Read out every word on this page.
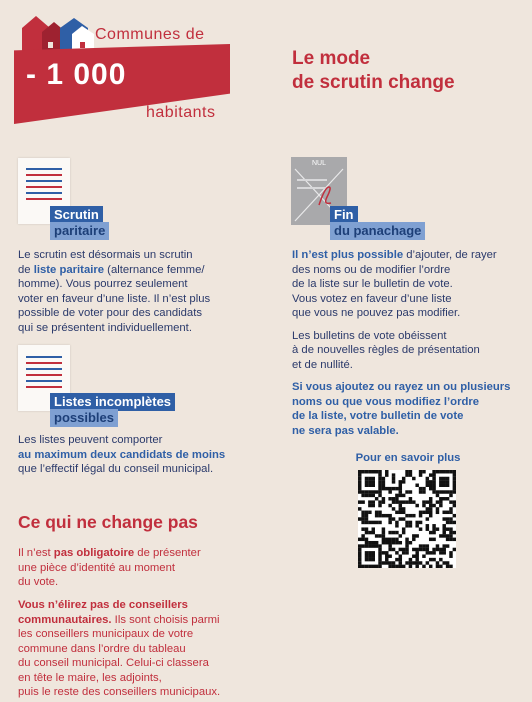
Communes de
- 1 000
habitants
Le mode
de scrutin change
Scrutin
paritaire
Le scrutin est désormais un scrutin
de liste paritaire (alternance femme/
homme). Vous pourrez seulement
voter en faveur d’une liste. Il n’est plus
possible de voter pour des candidats
qui se présentent individuellement.
Listes incomplètes
possibles
Les listes peuvent comporter
au maximum deux candidats de moins
que l’effectif légal du conseil municipal.
NUL
Fin
du panachage
Il n’est plus possible d’ajouter, de rayer
des noms ou de modifier l’ordre
de la liste sur le bulletin de vote.
Vous votez en faveur d’une liste
que vous ne pouvez pas modifier.
Les bulletins de vote obéissent
à de nouvelles règles de présentation
et de nullité.
Si vous ajoutez ou rayez un ou plusieurs
noms ou que vous modifiez l’ordre
de la liste, votre bulletin de vote
ne sera pas valable.
Pour en savoir plus
Ce qui ne change pas
Il n’est pas obligatoire de présenter
une pièce d’identité au moment
du vote.
Vous n’élirez pas de conseillers
communautaires. Ils sont choisis parmi
les conseillers municipaux de votre
commune dans l’ordre du tableau
du conseil municipal. Celui-ci classera
en tête le maire, les adjoints,
puis le reste des conseillers municipaux.
